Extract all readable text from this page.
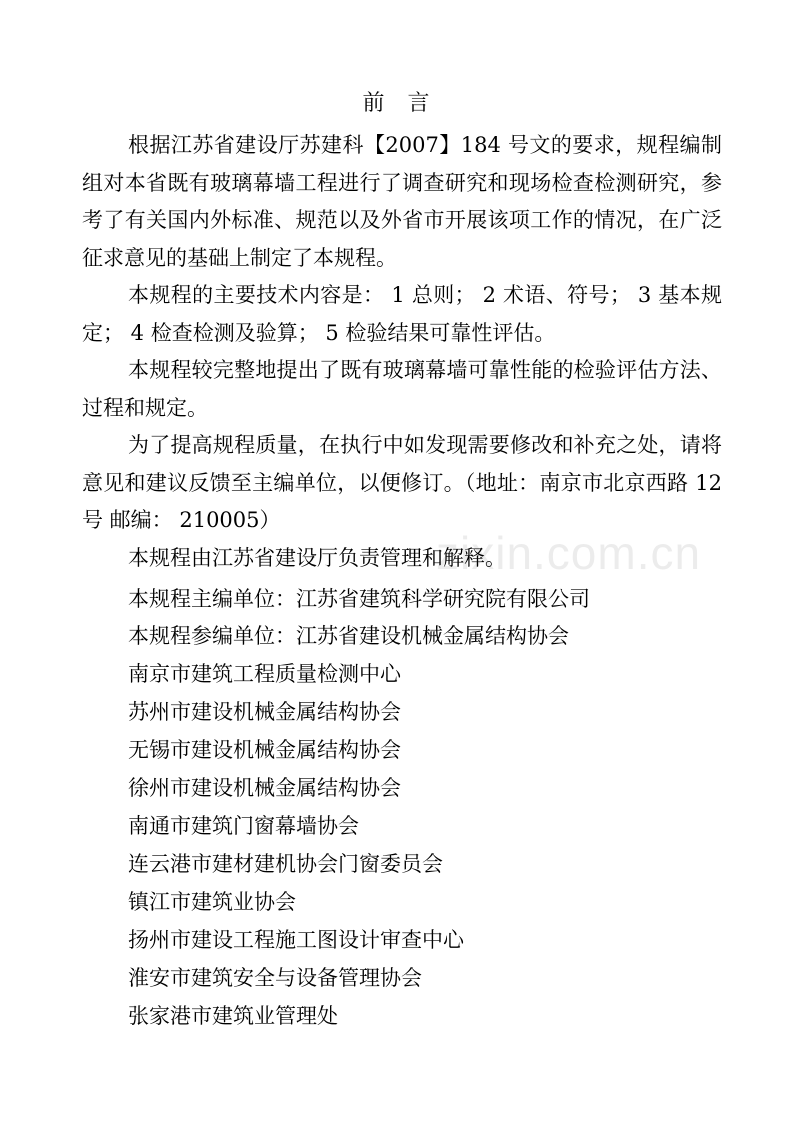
前 言

根据江苏省建设厅苏建科【2007】184 号文的要求，规程编制组对本省既有玻璃幕墙工程进行了调查研究和现场检查检测研究，参考了有关国内外标准、规范以及外省市开展该项工作的情况，在广泛征求意见的基础上制定了本规程。

本规程的主要技术内容是： 1 总则； 2 术语、符号； 3 基本规定； 4 检查检测及验算； 5 检验结果可靠性评估。

本规程较完整地提出了既有玻璃幕墙可靠性能的检验评估方法、过程和规定。

为了提高规程质量，在执行中如发现需要修改和补充之处，请将意见和建议反馈至主编单位，以便修订。（地址：南京市北京西路 12 号 邮编： 210005）

本规程由江苏省建设厅负责管理和解释。

本规程主编单位：江苏省建筑科学研究院有限公司

本规程参编单位：江苏省建设机械金属结构协会

南京市建筑工程质量检测中心

苏州市建设机械金属结构协会

无锡市建设机械金属结构协会

徐州市建设机械金属结构协会

南通市建筑门窗幕墙协会

连云港市建材建机协会门窗委员会

镇江市建筑业协会

扬州市建设工程施工图设计审查中心

淮安市建筑安全与设备管理协会

张家港市建筑业管理处

zixin.com.cn
